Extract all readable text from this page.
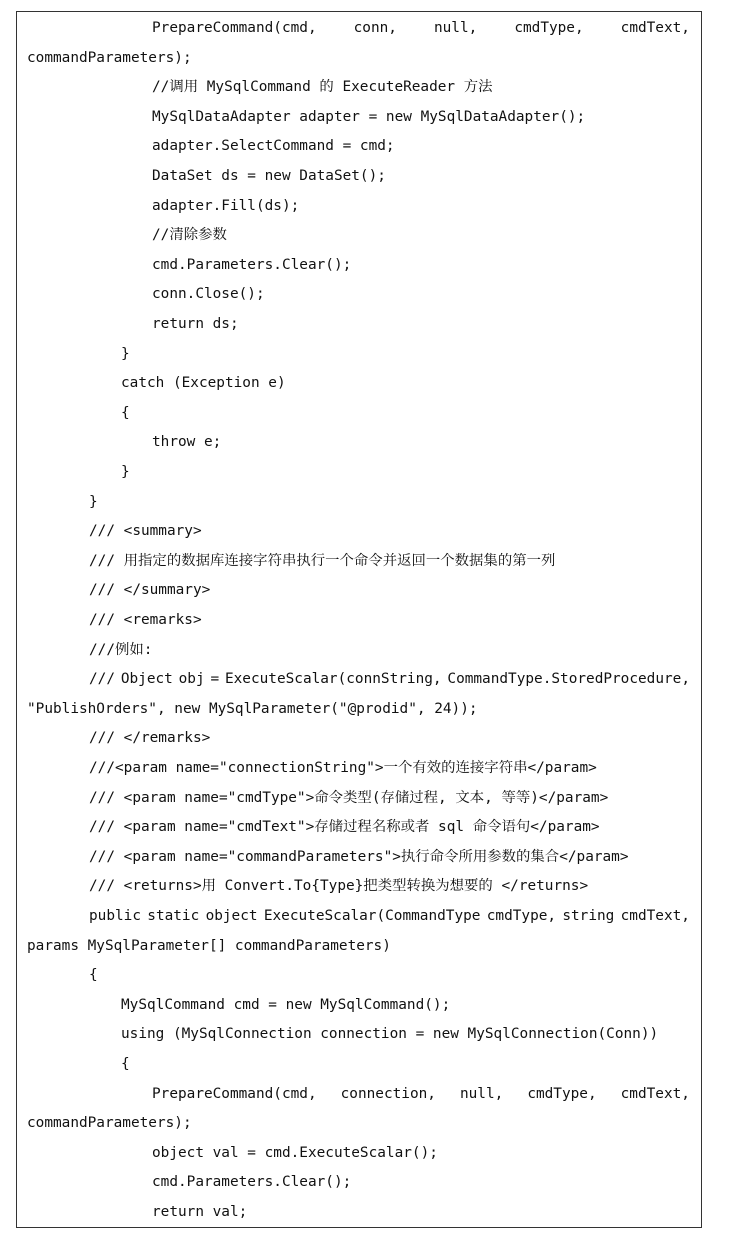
PrepareCommand(cmd,	conn,	null,	cmdType,	cmdText,
commandParameters);
//调用 MySqlCommand 的 ExecuteReader 方法
MySqlDataAdapter adapter = new MySqlDataAdapter();
adapter.SelectCommand = cmd;
DataSet ds = new DataSet();
adapter.Fill(ds);
//清除参数
cmd.Parameters.Clear();
conn.Close();
return ds;
}
catch (Exception e)
{
throw e;
}
}
/// <summary>
/// 用指定的数据库连接字符串执行一个命令并返回一个数据集的第一列
/// </summary>
/// <remarks>
///例如:
/// Object obj = ExecuteScalar(connString, CommandType.StoredProcedure,
"PublishOrders", new MySqlParameter("@prodid", 24));
/// </remarks>
///<param name="connectionString">一个有效的连接字符串</param>
/// <param name="cmdType">命令类型(存储过程, 文本, 等等)</param>
/// <param name="cmdText">存储过程名称或者 sql 命令语句</param>
/// <param name="commandParameters">执行命令所用参数的集合</param>
/// <returns>用 Convert.To{Type}把类型转换为想要的 </returns>
public static object ExecuteScalar(CommandType cmdType, string cmdText,
params MySqlParameter[] commandParameters)
{
MySqlCommand cmd = new MySqlCommand();
using (MySqlConnection connection = new MySqlConnection(Conn))
{
PrepareCommand(cmd, connection, null, cmdType, cmdText,
commandParameters);
object val = cmd.ExecuteScalar();
cmd.Parameters.Clear();
return val;
